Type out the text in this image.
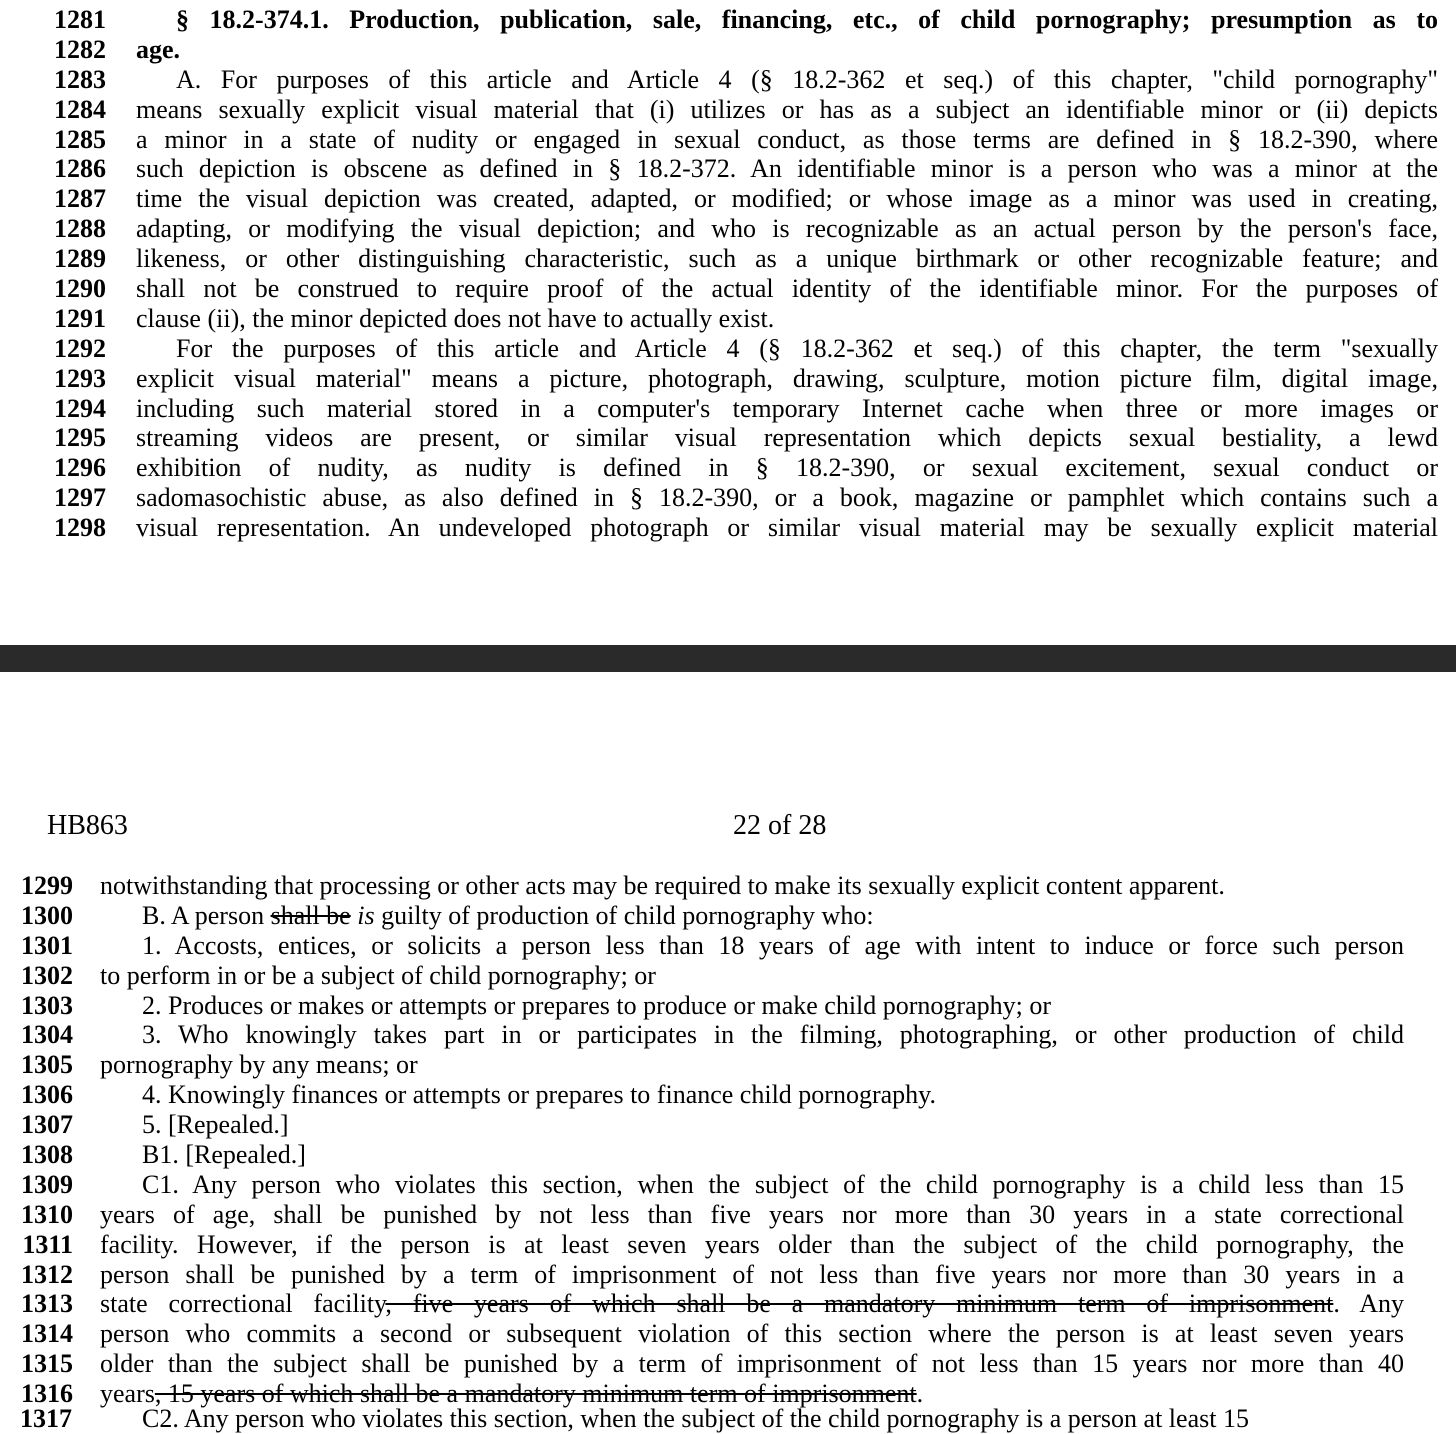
1281	§ 18.2-374.1. Production, publication, sale, financing, etc., of child pornography; presumption as to
1282 age.
1283	A. For purposes of this article and Article 4 (§ 18.2-362 et seq.) of this chapter, "child pornography"
1284 means sexually explicit visual material that (i) utilizes or has as a subject an identifiable minor or (ii) depicts
1285 a minor in a state of nudity or engaged in sexual conduct, as those terms are defined in § 18.2-390, where
1286 such depiction is obscene as defined in § 18.2-372. An identifiable minor is a person who was a minor at the
1287 time the visual depiction was created, adapted, or modified; or whose image as a minor was used in creating,
1288 adapting, or modifying the visual depiction; and who is recognizable as an actual person by the person's face,
1289 likeness, or other distinguishing characteristic, such as a unique birthmark or other recognizable feature; and
1290 shall not be construed to require proof of the actual identity of the identifiable minor. For the purposes of
1291 clause (ii), the minor depicted does not have to actually exist.
1292	For the purposes of this article and Article 4 (§ 18.2-362 et seq.) of this chapter, the term "sexually
1293 explicit visual material" means a picture, photograph, drawing, sculpture, motion picture film, digital image,
1294 including such material stored in a computer's temporary Internet cache when three or more images or
1295 streaming videos are present, or similar visual representation which depicts sexual bestiality, a lewd
1296 exhibition of nudity, as nudity is defined in § 18.2-390, or sexual excitement, sexual conduct or
1297 sadomasochistic abuse, as also defined in § 18.2-390, or a book, magazine or pamphlet which contains such a
1298 visual representation. An undeveloped photograph or similar visual material may be sexually explicit material
HB863	22 of 28
1299 notwithstanding that processing or other acts may be required to make its sexually explicit content apparent.
1300	B. A person shall be is guilty of production of child pornography who:
1301	1. Accosts, entices, or solicits a person less than 18 years of age with intent to induce or force such person
1302 to perform in or be a subject of child pornography; or
1303	2. Produces or makes or attempts or prepares to produce or make child pornography; or
1304	3. Who knowingly takes part in or participates in the filming, photographing, or other production of child
1305 pornography by any means; or
1306	4. Knowingly finances or attempts or prepares to finance child pornography.
1307	5. [Repealed.]
1308	B1. [Repealed.]
1309	C1. Any person who violates this section, when the subject of the child pornography is a child less than 15
1310 years of age, shall be punished by not less than five years nor more than 30 years in a state correctional
1311 facility. However, if the person is at least seven years older than the subject of the child pornography, the
1312 person shall be punished by a term of imprisonment of not less than five years nor more than 30 years in a
1313 state correctional facility, five years of which shall be a mandatory minimum term of imprisonment. Any
1314 person who commits a second or subsequent violation of this section where the person is at least seven years
1315 older than the subject shall be punished by a term of imprisonment of not less than 15 years nor more than 40
1316 years, 15 years of which shall be a mandatory minimum term of imprisonment.
1317	C2. Any person who violates this section, when the subject of the child pornography is a person at least 15
